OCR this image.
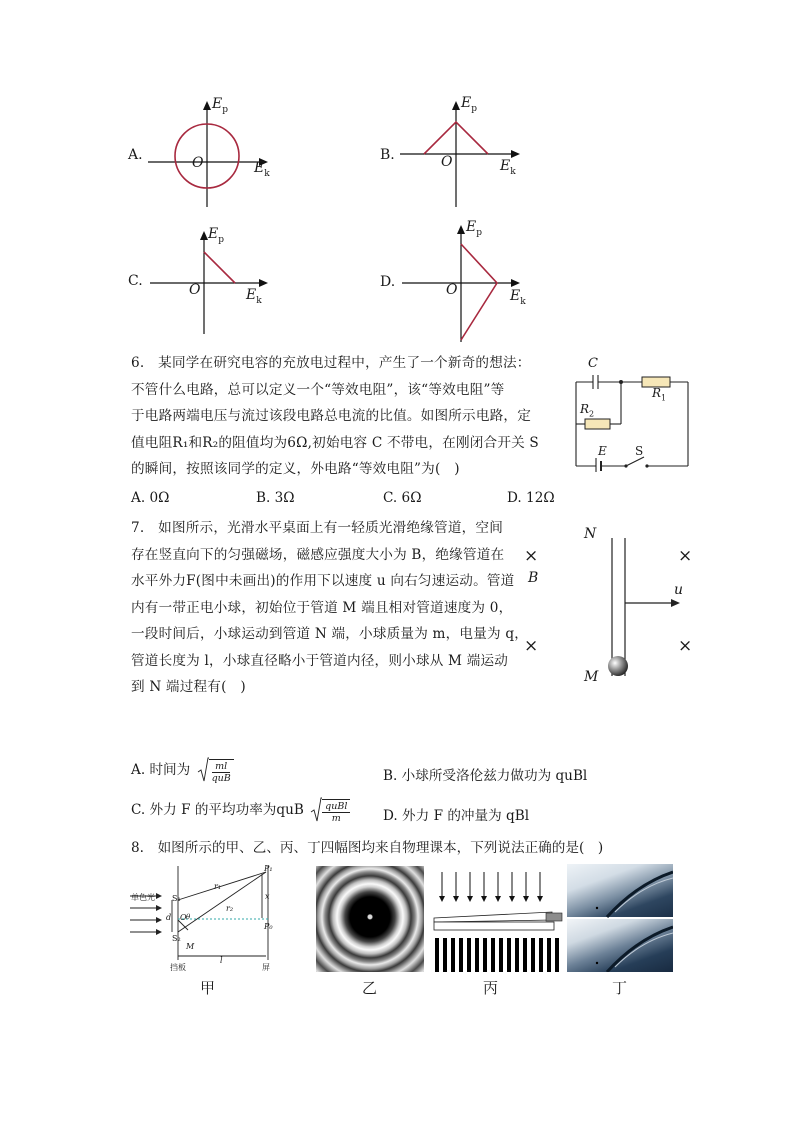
A.
$E_p$
$E_k$
O	B.
$E_p$
$E_k$
O
C.
$E_p$
$E_k$
O	D.
$E_p$
$E_k$
O
6.　某同学在研究电容的充放电过程中，产生了一个新奇的想法：
不管什么电路，总可以定义一个“等效电阻”，该“等效电阻”等
于电路两端电压与流过该段电路总电流的比值。如图所示电路，定
值电阻R₁和R₂的阻值均为6Ω,初始电容 C 不带电，在刚闭合开关 S
的瞬间，按照该同学的定义，外电路“等效电阻”为(　)
A. 0Ω	B. 3Ω	C. 6Ω	D. 12Ω
C
$R_1$
$R_2$
E S
7.　如图所示，光滑水平桌面上有一轻质光滑绝缘管道，空间
存在竖直向下的匀强磁场，磁感应强度大小为 B，绝缘管道在
水平外力F(图中未画出)的作用下以速度 u 向右匀速运动。管道
内有一带正电小球，初始位于管道 M 端且相对管道速度为 0，
一段时间后，小球运动到管道 N 端，小球质量为 m，电量为 q，
管道长度为 l，小球直径略小于管道内径，则小球从 M 端运动
到 N 端过程有(　)
N
M
B
u
×	×
×	×
A. 时间为	ml
quB	B. 小球所受洛伦兹力做功为 quBl
C. 外力 F 的平均功率为quB	quBl
m	D. 外力 F 的冲量为 qBl
8.　如图所示的甲、乙、丙、丁四幅图均来自物理课本，下列说法正确的是(　)
单色光 S₁
S₂
d O θ
M
l
r₁
r₂
P₁
P₀
x
挡板	屏
甲	乙	丙	丁
